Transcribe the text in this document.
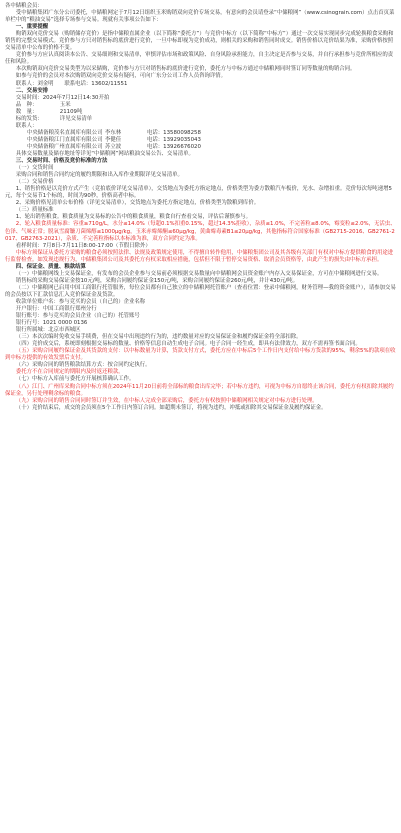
各中储粮会员：

受中储粮集团广东分公司委托，中储粮网定于7月12日组织玉米购销双向竞价专场交易，有意向的会员请登录“中储粮网”（www.csinograin.com）点击首页菜单栏中的“粮油交易”选择专场参与交易。现就有关事项公告如下：

一、重要提醒

购销双向竞价交易（购销储存竞价）是指中储粮直属企业（以下简称“委托方”）与竞价中标方（以下简称“中标方”）通过一次交易实现同步完成轮换粮食采购和销售的完整交易模式。竞价参与方只对销售标的底价进行竞价，一旦中标即视为竞价成功，则相关的采购和销售同时成交。销售价格以竞价结果为准，采购价格按照交易清单中公布的价格不变。

竞价参与方应认真阅读本公告、交易细则和交易清单，审慎评估市场和政策风险、自身风险承担能力，自主决定是否参与交易，并自行承担参与竞价所相应的责任和风险。

本次购销双向竞价交易类型为以采储购，竞价参与方只对销售标的底价进行竞价，委托方与中标方通过中储粮网同时签订同等数量的购销合同。

如参与竞价的会员对本次购销双向竞价交易有疑问，可向广东分公司工作人员咨询详情。

联系人：刘金明　　联系电话：13602/11551

二、交易安排

交易时间：2024年7月12日14:30开拍

品　种：	玉米
数　量：	21109吨
标的发货：	详见交易清单

联系人：

中央储备粮茂名直属库有限公司 李东林	电话：13580098258
中央储备粮江门直属库有限公司 李健佳	电话：13929035043
中央储备粮广州直属库有限公司 苏立波	电话：13926676020

具体交易数量及储存地址等详见“中储粮网”网站粮油交易公告、交易清单。

三、交易时间、价格及竞价标准的方法

（一）交货时间

采购合同和销售合同约定的履约期限和出入库作业期限详见交易清单。

（二）交易价格

1、销售价格是以竞价方式产生（竞拍底价详见交易清单），交货地点为委托方指定地点，价格类型为委方散粮汽车板价，光水、杂增扣重。竞价每次每吨递增5元，每个交易节1个标的，时间为90秒，价格高者中标。

2、采购价格见清单公布价格（详见交易清单），交货地点为委托方指定地点，价格类型为散粮到库价。

（三）质量标准

1、轮出销售粮食。粮食质量为交易标的公告中的粮食质量，粮食自行查看交易，评估后谨慎参与。

2、轮入粮食质量标准：容重≥710g/L，水分≤14.0%（每超0.1%扣重0.15%，超过14.3%拒收），杂质≤1.0%，不完善粒≤8.0%，霉变粒≤2.0%，无活虫、色泽、气味正常；脱氧雪腐镰刀菌烯醇≤1000μg/kg，玉米赤霉烯酮≤60μg/kg，黄曲霉毒素B1≤20μg/kg，其他指标符合国家标准（GB2715-2016、GB2761-2017、GB2763-2021），杂质、不完善粒指标以本标准为准，双方合同约定为准。

看样时间：7月8日-7月11日8:00-17:00（节假日除外）

中标方须保证从委托方采购的粮食必须按照法律、法规及政策规定使用，不得擅自转作他用，中储粮集团公司及其各级有关部门有权对中标方提供粮食的用途进行监督检查。如发现违规行为，中储粮集团公司及其委托方有权采取相应措施，包括但不限于暂停交易资格、取消会员资格等，由此产生的损失由中标方承担。

四、保证金、质量、粮款结算

（一）中储粮网线上交易保证金，有发布的会员企业参与交易前必须根据交易数量向中储粮网会员资金账户内存入交易保证金，方可在中储粮网进行交易。

销售标的采购交易保证金按10元/吨，采购合同履约保证金150元/吨，采购合同履约保证金260元/吨，并计430元/吨。

（二）中储粮网已启用中国工商银行托管服务，每位会员都有自己独立的中储粮网托管账户（查看位置：登录中储粮网，财务管理—我的资金账户），请参加交易的会员按以下汇款信息汇入竞价保证金及货款。

收款单位账户名：参与竞买的会员（自己的）企业名称

开户银行：中国工商银行郑州分行

银行账号：参与竞买的会员企业（自己的）托管账号

银行行号：1021 0000 0136

银行所属城：北京市西城区

（三）本次次编时免收交易手续费，但在交易中出现违约行为的，违约数量对应的交易保证金和履约保证金将全部扣除。

（四）竞价成交后，系统即刻根据交易标的数量、价格等信息自动生成电子合同。电子合同一经生成，即具有法律效力，双方不需再签书面合同。

（五）采购合同履约保证金及其货款的支付：以中标数量为计算，货款支付方式，委托方应在中标后5个工作日内支付给中标方货款的95%，剩余5%的款项在收到中标方提供的有效发票后支付。

（六）采购合同的销售粮款结算方式：按合同约定执行。

委托方不在合同规定的期限内及时返还粮款。

（七）中标方入库前与委托方开展核算确认工作。

（八）江门、广州库采购合同中标方须在2024年11月20日前将全部标的粮食出库完毕；若中标方违约，可视为中标方自愿终止该合同，委托方有权扣除其履约保证金，另行处理剩余标的粮食。

（九）采购合同的销售合同同时签订并生效，在中标人完成全部采购后，委托方有权按照中储粮网相关规定对中标方进行处理。

（十）竞价结束后，成交的会员须在5个工作日内签订合同。如超期未签订，将视为违约，冲抵或扣除其交易保证金及履约保证金。
